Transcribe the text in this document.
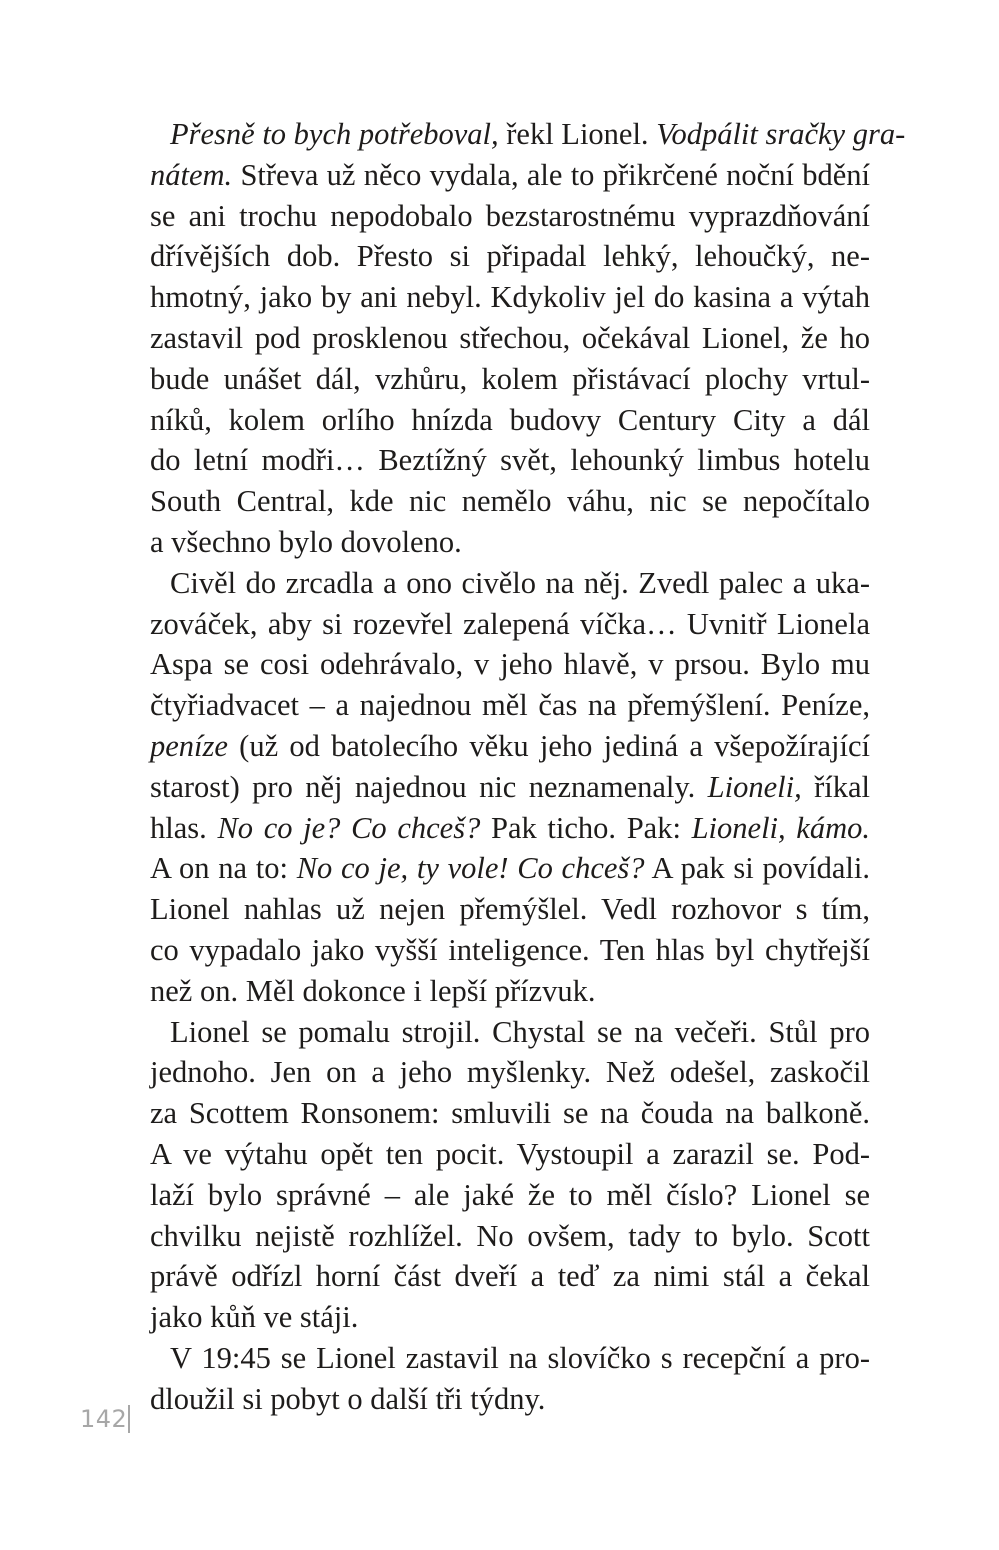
Přesně to bych potřeboval, řekl Lionel. Vodpálit sračky gra-
nátem. Střeva už něco vydala, ale to přikrčené noční bdění
se ani trochu nepodobalo bezstarostnému vyprazdňování
dřívějších dob. Přesto si připadal lehký, lehoučký, ne-
hmotný, jako by ani nebyl. Kdykoliv jel do kasina a výtah
zastavil pod prosklenou střechou, očekával Lionel, že ho
bude unášet dál, vzhůru, kolem přistávací plochy vrtul-
níků, kolem orlího hnízda budovy Century City a dál
do letní modři… Beztížný svět, lehounký limbus hotelu
South Central, kde nic nemělo váhu, nic se nepočítalo
a všechno bylo dovoleno.
Civěl do zrcadla a ono civělo na něj. Zvedl palec a uka-
zováček, aby si rozevřel zalepená víčka… Uvnitř Lionela
Aspa se cosi odehrávalo, v jeho hlavě, v prsou. Bylo mu
čtyřiadvacet – a najednou měl čas na přemýšlení. Peníze,
peníze (už od batolecího věku jeho jediná a všepožírající
starost) pro něj najednou nic neznamenaly. Lioneli, říkal
hlas. No co je? Co chceš? Pak ticho. Pak: Lioneli, kámo.
A on na to: No co je, ty vole! Co chceš? A pak si povídali.
Lionel nahlas už nejen přemýšlel. Vedl rozhovor s tím,
co vypadalo jako vyšší inteligence. Ten hlas byl chytřejší
než on. Měl dokonce i lepší přízvuk.
Lionel se pomalu strojil. Chystal se na večeři. Stůl pro
jednoho. Jen on a jeho myšlenky. Než odešel, zaskočil
za Scottem Ronsonem: smluvili se na čouda na balkoně.
A ve výtahu opět ten pocit. Vystoupil a zarazil se. Pod-
laží bylo správné – ale jaké že to měl číslo? Lionel se
chvilku nejistě rozhlížel. No ovšem, tady to bylo. Scott
právě odřízl horní část dveří a teď za nimi stál a čekal
jako kůň ve stáji.
V 19:45 se Lionel zastavil na slovíčko s recepční a pro-
dloužil si pobyt o další tři týdny.
142
